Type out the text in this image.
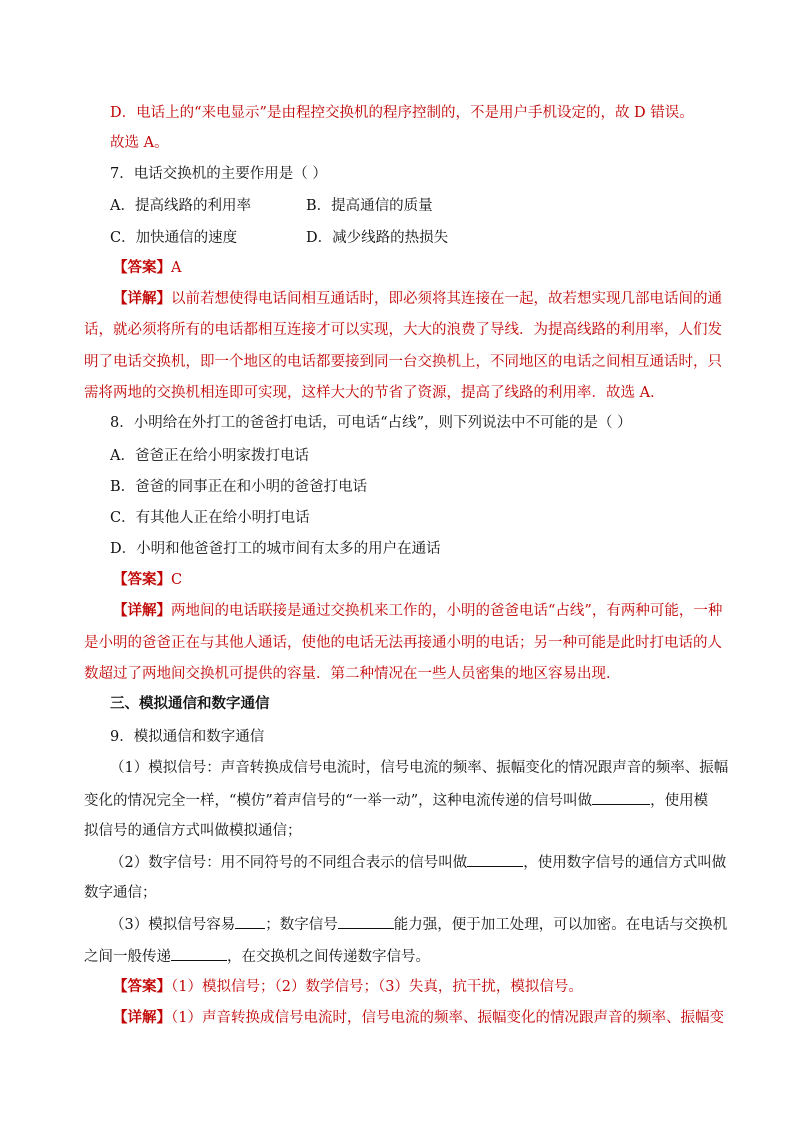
D．电话上的“来电显示”是由程控交换机的程序控制的，不是用户手机设定的，故 D 错误。
故选 A。
7．电话交换机的主要作用是（ ）
A．提高线路的利用率	B．提高通信的质量
C．加快通信的速度	D．减少线路的热损失
【答案】A
【详解】以前若想使得电话间相互通话时，即必须将其连接在一起，故若想实现几部电话间的通
话，就必须将所有的电话都相互连接才可以实现，大大的浪费了导线．为提高线路的利用率，人们发
明了电话交换机，即一个地区的电话都要接到同一台交换机上，不同地区的电话之间相互通话时，只
需将两地的交换机相连即可实现，这样大大的节省了资源，提高了线路的利用率．故选 A．
8．小明给在外打工的爸爸打电话，可电话“占线”，则下列说法中不可能的是（ ）
A．爸爸正在给小明家拨打电话
B．爸爸的同事正在和小明的爸爸打电话
C．有其他人正在给小明打电话
D．小明和他爸爸打工的城市间有太多的用户在通话
【答案】C
【详解】两地间的电话联接是通过交换机来工作的，小明的爸爸电话“占线”，有两种可能，一种
是小明的爸爸正在与其他人通话，使他的电话无法再接通小明的电话；另一种可能是此时打电话的人
数超过了两地间交换机可提供的容量．第二种情况在一些人员密集的地区容易出现．
三、模拟通信和数字通信
9．模拟通信和数字通信
（1）模拟信号：声音转换成信号电流时，信号电流的频率、振幅变化的情况跟声音的频率、振幅
变化的情况完全一样，“模仿”着声信号的“一举一动”，这种电流传递的信号叫做	，使用模
拟信号的通信方式叫做模拟通信；
（2）数字信号：用不同符号的不同组合表示的信号叫做	，使用数字信号的通信方式叫做
数字通信；
（3）模拟信号容易 ；数字信号	能力强，便于加工处理，可以加密。在电话与交换机
之间一般传递	，在交换机之间传递数字信号。
【答案】（1）模拟信号；（2）数学信号；（3）失真，抗干扰，模拟信号。
【详解】（1）声音转换成信号电流时，信号电流的频率、振幅变化的情况跟声音的频率、振幅变
